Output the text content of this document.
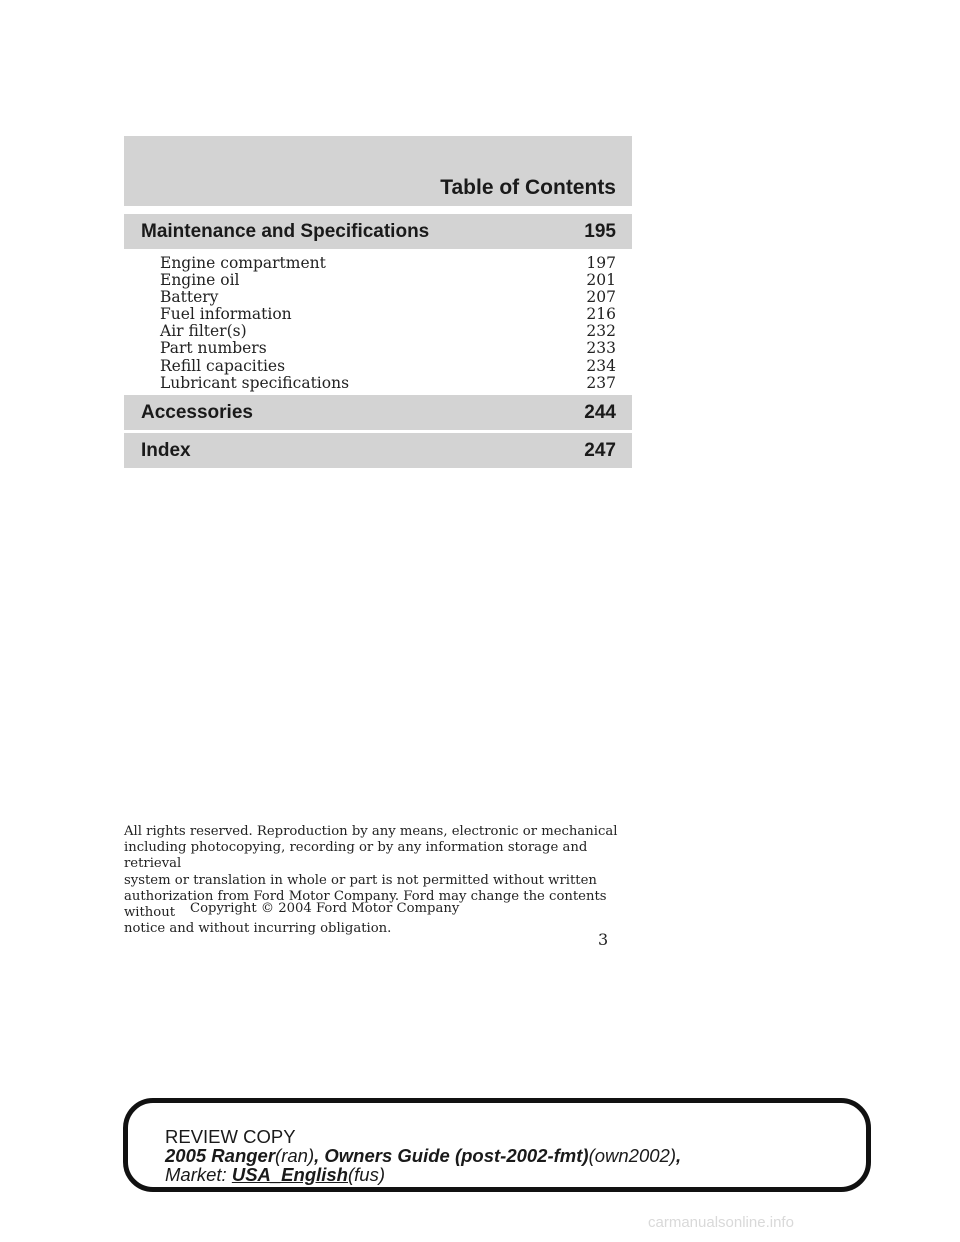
Table of Contents
Maintenance and Specifications	195
Engine compartment	197
Engine oil	201
Battery	207
Fuel information	216
Air filter(s)	232
Part numbers	233
Refill capacities	234
Lubricant specifications	237
Accessories	244
Index	247
All rights reserved. Reproduction by any means, electronic or mechanical
including photocopying, recording or by any information storage and retrieval
system or translation in whole or part is not permitted without written
authorization from Ford Motor Company. Ford may change the contents without
notice and without incurring obligation.
Copyright © 2004 Ford Motor Company
3
REVIEW COPY
2005 Ranger(ran), Owners Guide (post-2002-fmt)(own2002),
Market: USA_English(fus)
carmanualsonline.info
